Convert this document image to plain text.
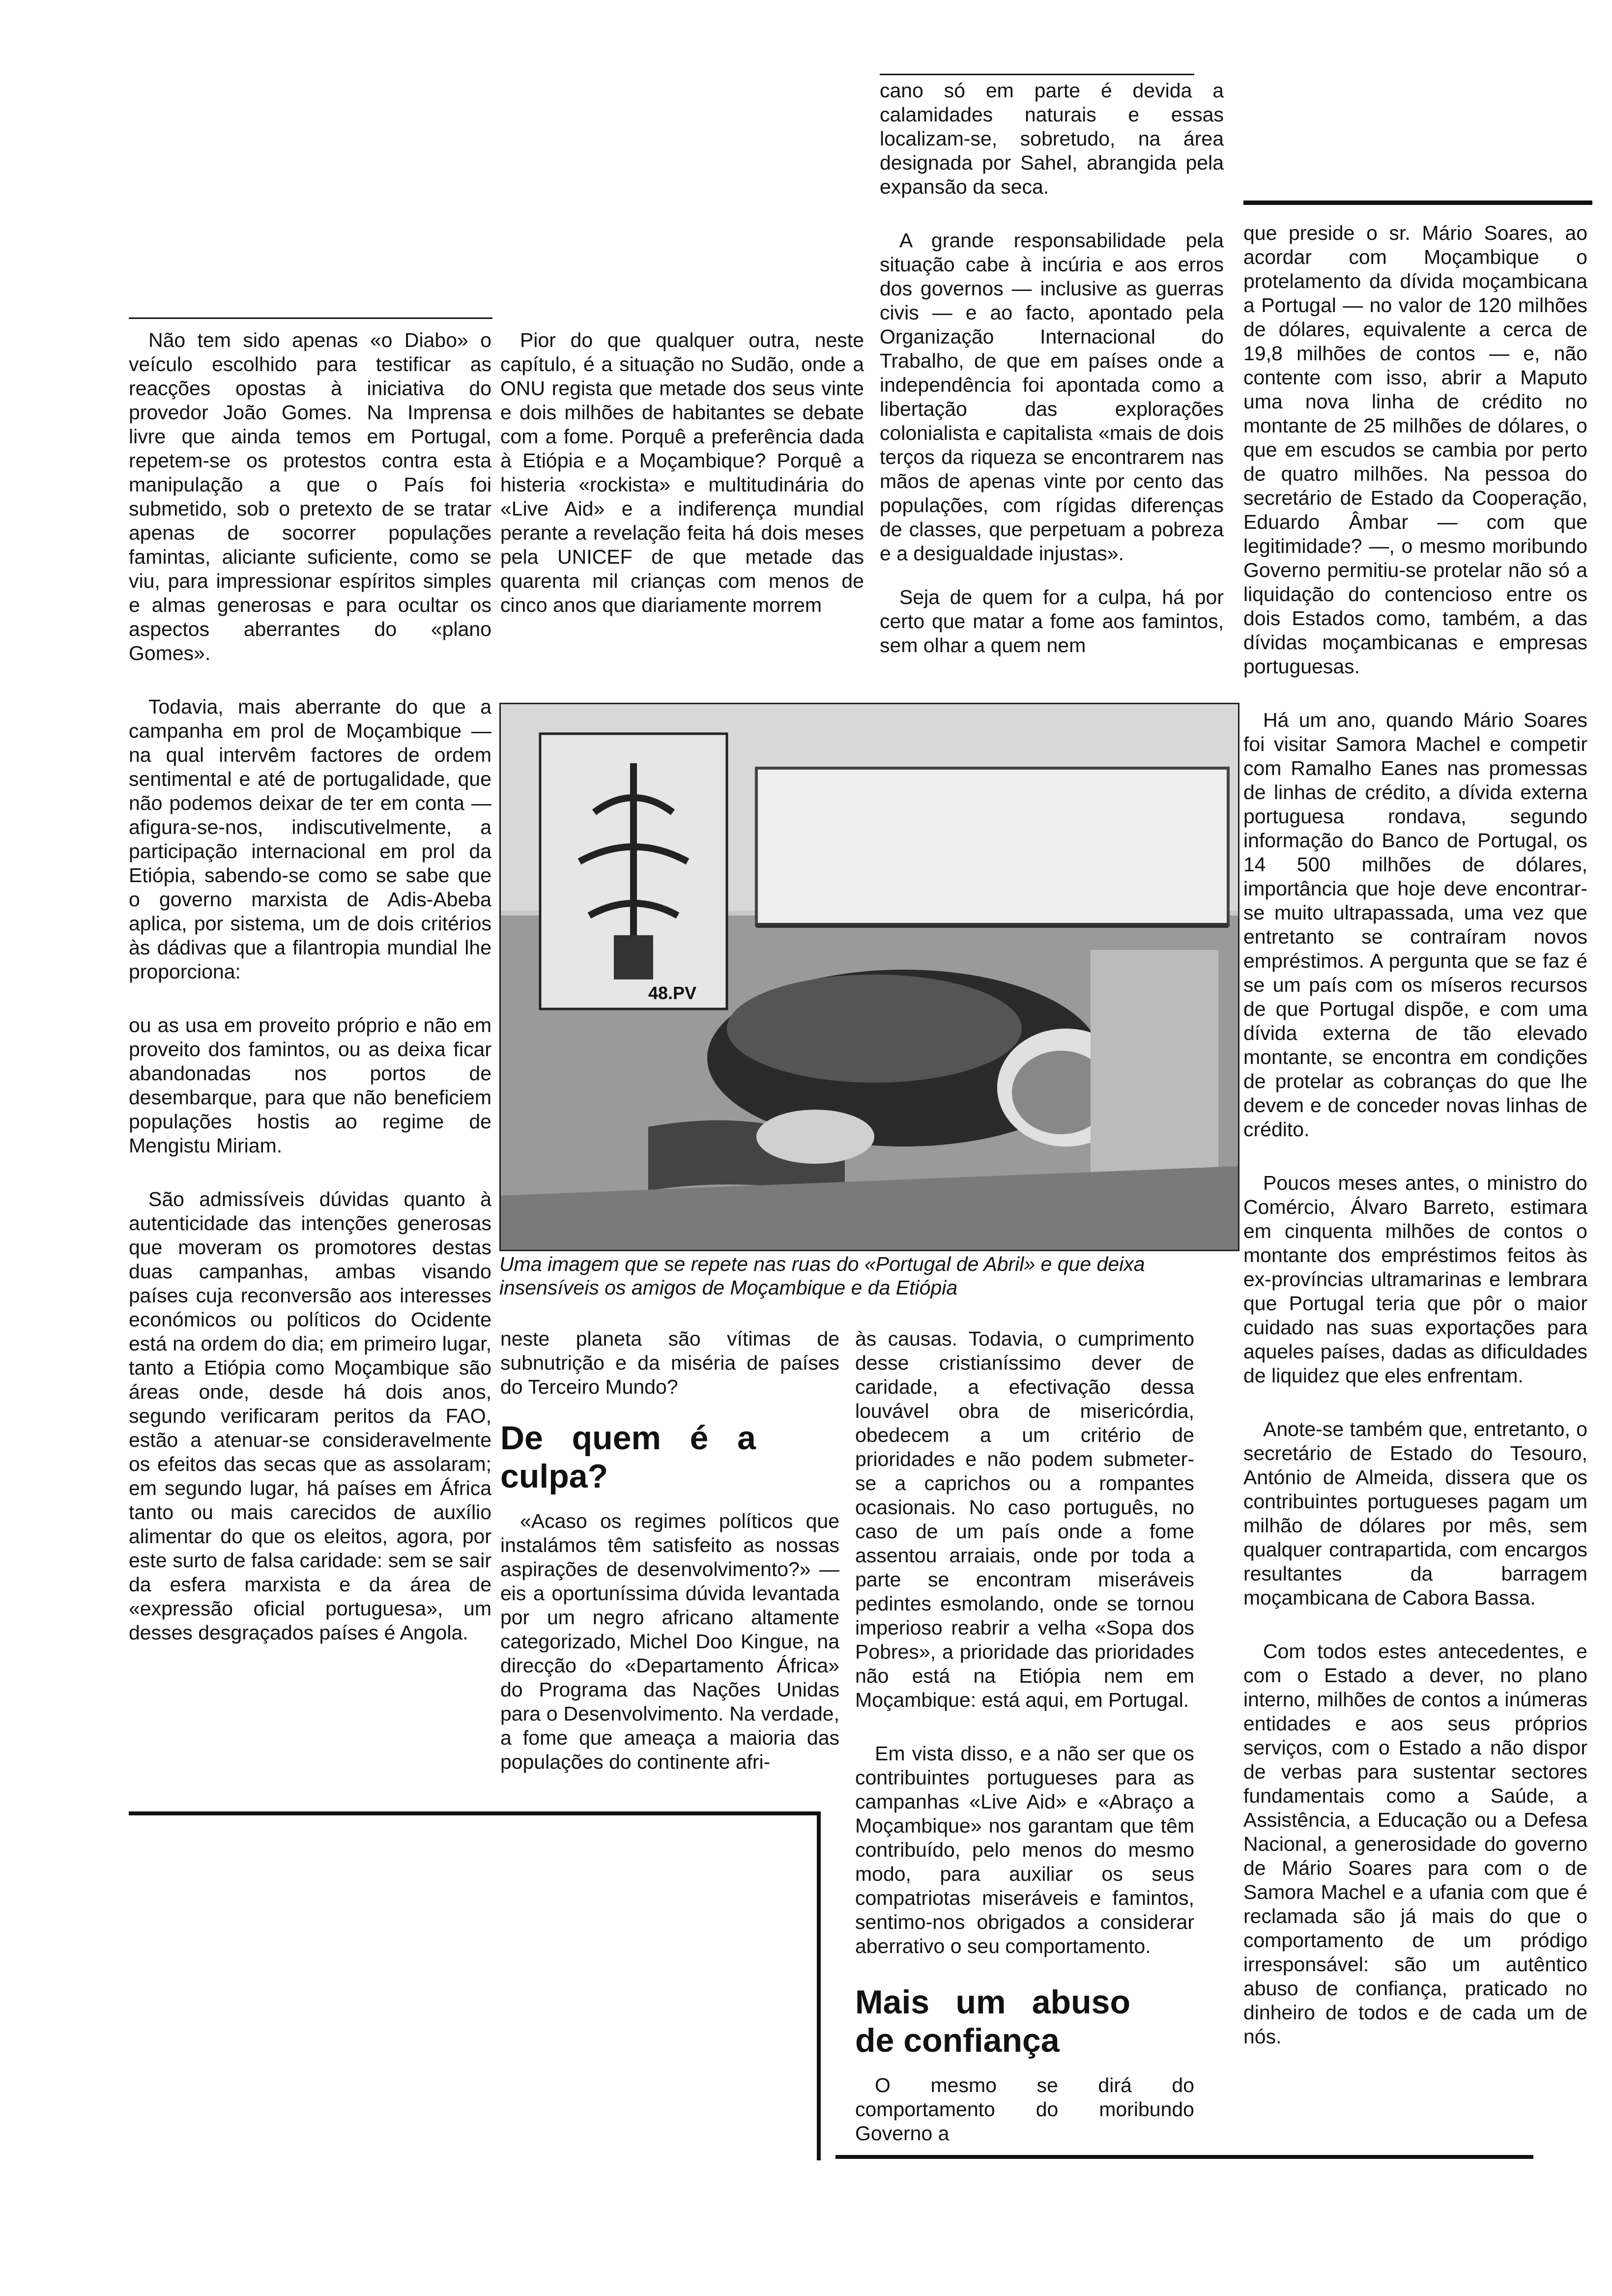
Não tem sido apenas «o Diabo» o veículo escolhido para testificar as reacções opostas à iniciativa do provedor João Gomes. Na Imprensa livre que ainda temos em Portugal, repetem-se os protestos contra esta manipulação a que o País foi submetido, sob o pretexto de se tratar apenas de socorrer populações famintas, aliciante suficiente, como se viu, para impressionar espíritos simples e almas generosas e para ocultar os aspectos aberrantes do «plano Gomes».

Todavia, mais aberrante do que a campanha em prol de Moçambique — na qual intervêm factores de ordem sentimental e até de portugalidade, que não podemos deixar de ter em conta — afigura-se-nos, indiscutivelmente, a participação internacional em prol da Etiópia, sabendo-se como se sabe que o governo marxista de Adis-Abeba aplica, por sistema, um de dois critérios às dádivas que a filantropia mundial lhe proporciona:

ou as usa em proveito próprio e não em proveito dos famintos, ou as deixa ficar abandonadas nos portos de desembarque, para que não beneficiem populações hostis ao regime de Mengistu Miriam.

São admissíveis dúvidas quanto à autenticidade das intenções generosas que moveram os promotores destas duas campanhas, ambas visando países cuja reconversão aos interesses económicos ou políticos do Ocidente está na ordem do dia; em primeiro lugar, tanto a Etiópia como Moçambique são áreas onde, desde há dois anos, segundo verificaram peritos da FAO, estão a atenuar-se consideravelmente os efeitos das secas que as assolaram; em segundo lugar, há países em África tanto ou mais carecidos de auxílio alimentar do que os eleitos, agora, por este surto de falsa caridade: sem se sair da esfera marxista e da área de «expressão oficial portuguesa», um desses desgraçados países é Angola.

Pior do que qualquer outra, neste capítulo, é a situação no Sudão, onde a ONU regista que metade dos seus vinte e dois milhões de habitantes se debate com a fome. Porquê a preferência dada à Etiópia e a Moçambique? Porquê a histeria «rockista» e multitudinária do «Live Aid» e a indiferença mundial perante a revelação feita há dois meses pela UNICEF de que metade das quarenta mil crianças com menos de cinco anos que diariamente morrem

cano só em parte é devida a calamidades naturais e essas localizam-se, sobretudo, na área designada por Sahel, abrangida pela expansão da seca.

A grande responsabilidade pela situação cabe à incúria e aos erros dos governos — inclusive as guerras civis — e ao facto, apontado pela Organização Internacional do Trabalho, de que em países onde a independência foi apontada como a libertação das explorações colonialista e capitalista «mais de dois terços da riqueza se encontrarem nas mãos de apenas vinte por cento das populações, com rígidas diferenças de classes, que perpetuam a pobreza e a desigualdade injustas».

Seja de quem for a culpa, há por certo que matar a fome aos famintos, sem olhar a quem nem

que preside o sr. Mário Soares, ao acordar com Moçambique o protelamento da dívida moçambicana a Portugal — no valor de 120 milhões de dólares, equivalente a cerca de 19,8 milhões de contos — e, não contente com isso, abrir a Maputo uma nova linha de crédito no montante de 25 milhões de dólares, o que em escudos se cambia por perto de quatro milhões. Na pessoa do secretário de Estado da Cooperação, Eduardo Âmbar — com que legitimidade? —, o mesmo moribundo Governo permitiu-se protelar não só a liquidação do contencioso entre os dois Estados como, também, a das dívidas moçambicanas e empresas portuguesas.

Há um ano, quando Mário Soares foi visitar Samora Machel e competir com Ramalho Eanes nas promessas de linhas de crédito, a dívida externa portuguesa rondava, segundo informação do Banco de Portugal, os 14 500 milhões de dólares, importância que hoje deve encontrar-se muito ultrapassada, uma vez que entretanto se contraíram novos empréstimos. A pergunta que se faz é se um país com os míseros recursos de que Portugal dispõe, e com uma dívida externa de tão elevado montante, se encontra em condições de protelar as cobranças do que lhe devem e de conceder novas linhas de crédito.

Poucos meses antes, o ministro do Comércio, Álvaro Barreto, estimara em cinquenta milhões de contos o montante dos empréstimos feitos às ex-províncias ultramarinas e lembrara que Portugal teria que pôr o maior cuidado nas suas exportações para aqueles países, dadas as dificuldades de liquidez que eles enfrentam.

Anote-se também que, entretanto, o secretário de Estado do Tesouro, António de Almeida, dissera que os contribuintes portugueses pagam um milhão de dólares por mês, sem qualquer contrapartida, com encargos resultantes da barragem moçambicana de Cabora Bassa.

Com todos estes antecedentes, e com o Estado a dever, no plano interno, milhões de contos a inúmeras entidades e aos seus próprios serviços, com o Estado a não dispor de verbas para sustentar sectores fundamentais como a Saúde, a Assistência, a Educação ou a Defesa Nacional, a generosidade do governo de Mário Soares para com o de Samora Machel e a ufania com que é reclamada são já mais do que o comportamento de um pródigo irresponsável: são um autêntico abuso de confiança, praticado no dinheiro de todos e de cada um de nós.

48.PV
Uma imagem que se repete nas ruas do «Portugal de Abril» e que deixa insensíveis os amigos de Moçambique e da Etiópia

neste planeta são vítimas de subnutrição e da miséria de países do Terceiro Mundo?

De quem é a culpa?

«Acaso os regimes políticos que instalámos têm satisfeito as nossas aspirações de desenvolvimento?» — eis a oportuníssima dúvida levantada por um negro africano altamente categorizado, Michel Doo Kingue, na direcção do «Departamento África» do Programa das Nações Unidas para o Desenvolvimento. Na verdade, a fome que ameaça a maioria das populações do continente afri-

às causas. Todavia, o cumprimento desse cristianíssimo dever de caridade, a efectivação dessa louvável obra de misericórdia, obedecem a um critério de prioridades e não podem submeter-se a caprichos ou a rompantes ocasionais. No caso português, no caso de um país onde a fome assentou arraiais, onde por toda a parte se encontram miseráveis pedintes esmolando, onde se tornou imperioso reabrir a velha «Sopa dos Pobres», a prioridade das prioridades não está na Etiópia nem em Moçambique: está aqui, em Portugal.

Em vista disso, e a não ser que os contribuintes portugueses para as campanhas «Live Aid» e «Abraço a Moçambique» nos garantam que têm contribuído, pelo menos do mesmo modo, para auxiliar os seus compatriotas miseráveis e famintos, sentimo-nos obrigados a considerar aberrativo o seu comportamento.

Mais um abuso de confiança

O mesmo se dirá do comportamento do moribundo Governo a
